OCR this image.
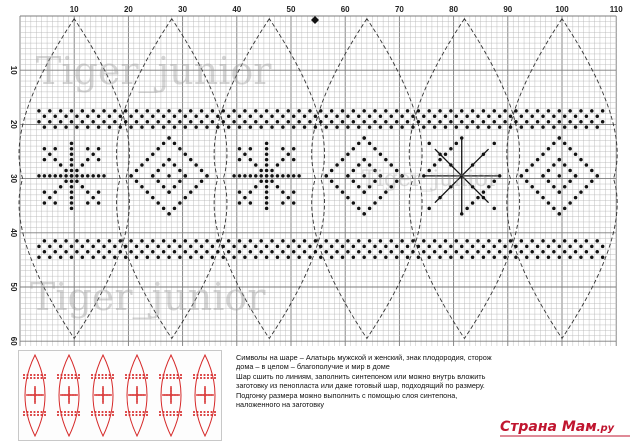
10	20	30	40	50	60	70	80	90	100	110
10
20
30
40
50
60
Tiger_junior
Tiger_junior
Tiger_junior

Символы на шаре – Алатырь мужской и женский, знак плодородия, сторож

дома – в целом – благополучие и мир в доме

Шар сшить по линиям, заполнить синтепоном или можно внутрь вложить

заготовку из пенопласта или даже готовый шар, подходящий по размеру.

Подгонку размера можно выполнить с помощью слоя синтепона,

наложенного на заготовку

Страна Мам.ру
